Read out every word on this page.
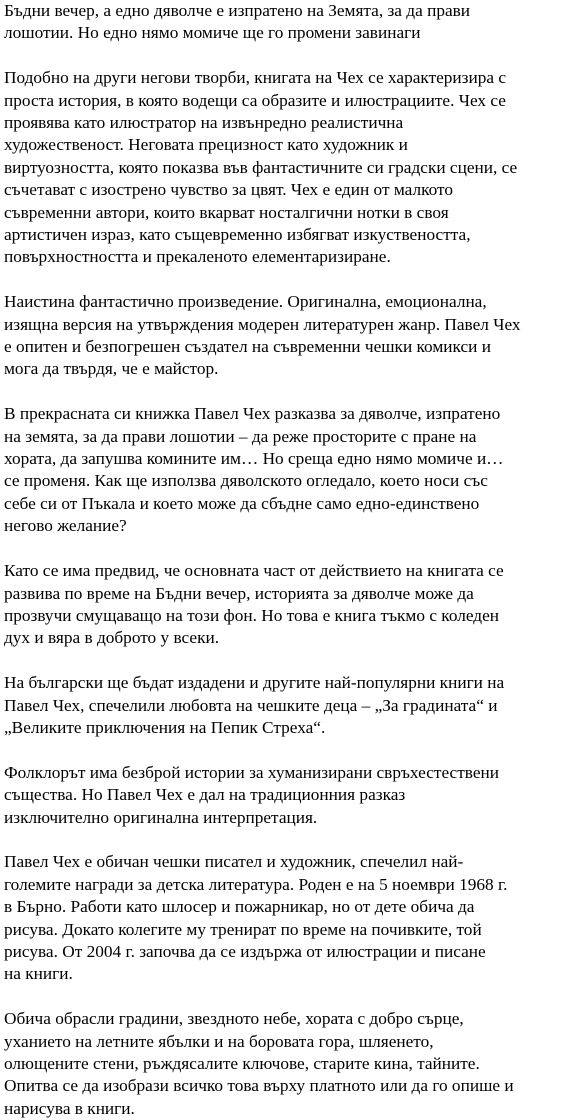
Бъдни вечер, а едно дяволче е изпратено на Земята, за да прави
лошотии. Но едно нямо момиче ще го промени завинаги

Подобно на други негови творби, книгата на Чех се характеризира с
проста история, в която водещи са образите и илюстрациите. Чех се
проявява като илюстратор на извънредно реалистична
художественост. Неговата прецизност като художник и
виртуозността, която показва във фантастичните си градски сцени, се
съчетават с изострено чувство за цвят. Чех е един от малкото
съвременни автори, които вкарват носталгични нотки в своя
артистичен израз, като същевременно избягват изкуствеността,
повърхностността и прекаленото елементаризиране.

Наистина фантастично произведение. Оригинална, емоционална,
изящна версия на утвърждения модерен литературен жанр. Павел Чех
е опитен и безпогрешен създател на съвременни чешки комикси и
мога да твърдя, че е майстор.

В прекрасната си книжка Павел Чех разказва за дяволче, изпратено
на земята, за да прави лошотии – да реже просторите с пране на
хората, да запушва комините им… Но среща едно нямо момиче и…
се променя. Как ще използва дяволското огледало, което носи със
себе си от Пъкала и което може да сбъдне само едно-единствено
негово желание?

Като се има предвид, че основната част от действието на книгата се
развива по време на Бъдни вечер, историята за дяволче може да
прозвучи смущаващо на този фон. Но това е книга тъкмо с коледен
дух и вяра в доброто у всеки.

На български ще бъдат издадени и другите най-популярни книги на
Павел Чех, спечелили любовта на чешките деца – „За градината“ и
„Великите приключения на Пепик Стреха“.

Фолклорът има безброй истории за хуманизирани свръхестествени
същества. Но Павел Чех е дал на традиционния разказ
изключително оригинална интерпретация.

Павел Чех е обичан чешки писател и художник, спечелил най-
големите награди за детска литература. Роден е на 5 ноември 1968 г.
в Бърно. Работи като шлосер и пожарникар, но от дете обича да
рисува. Докато колегите му тренират по време на почивките, той
рисува. От 2004 г. започва да се издържа от илюстрации и писане
на книги.

Обича обрасли градини, звездното небе, хората с добро сърце,
уханието на летните ябълки и на боровата гора, шляенето,
олющените стени, ръждясалите ключове, старите кина, тайните.
Опитва се да изобрази всичко това върху платното или да го опише и
нарисува в книги.
